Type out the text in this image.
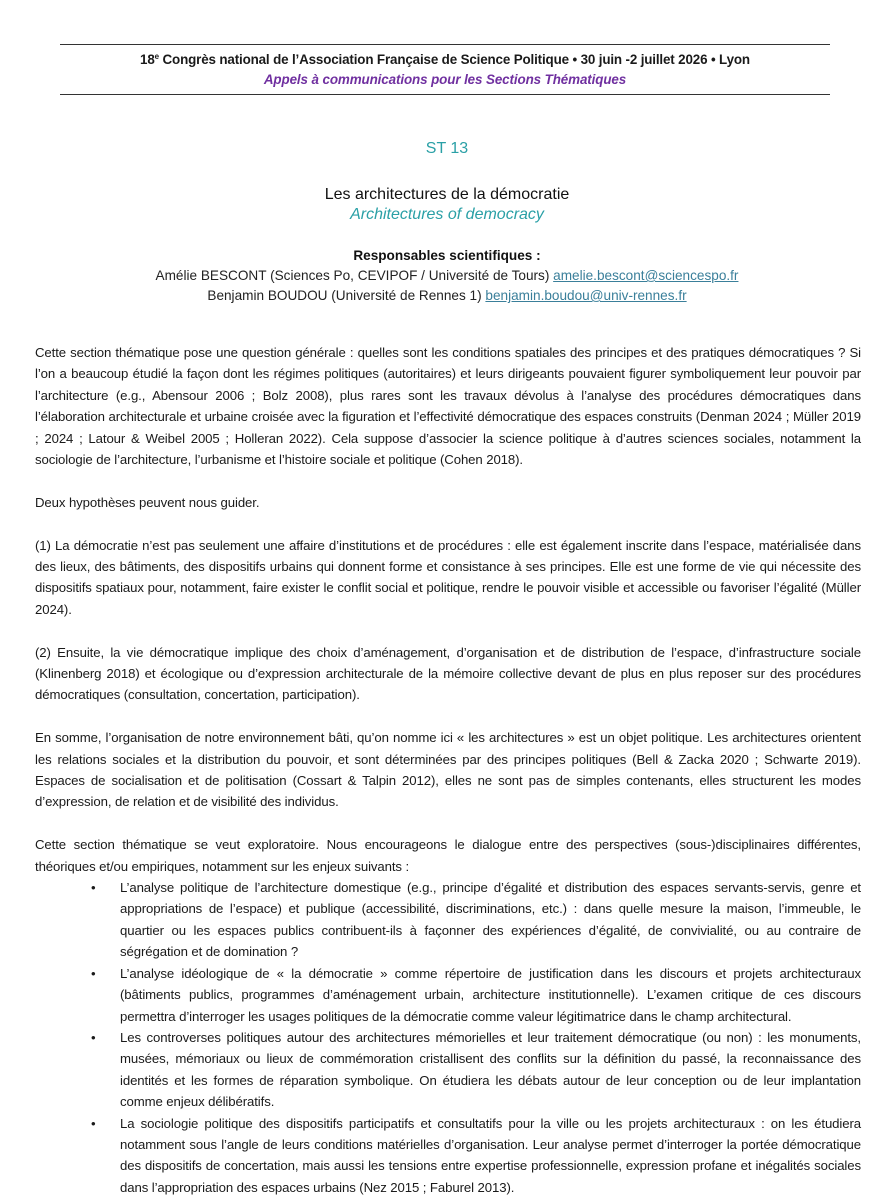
18e Congrès national de l’Association Française de Science Politique • 30 juin -2 juillet 2026 • Lyon
Appels à communications pour les Sections Thématiques
ST 13
Les architectures de la démocratie
Architectures of democracy
Responsables scientifiques :
Amélie BESCONT (Sciences Po, CEVIPOF / Université de Tours) amelie.bescont@sciencespo.fr
Benjamin BOUDOU (Université de Rennes 1) benjamin.boudou@univ-rennes.fr

Cette section thématique pose une question générale : quelles sont les conditions spatiales des principes et des pratiques démocratiques ? Si l’on a beaucoup étudié la façon dont les régimes politiques (autoritaires) et leurs dirigeants pouvaient figurer symboliquement leur pouvoir par l’architecture (e.g., Abensour 2006 ; Bolz 2008), plus rares sont les travaux dévolus à l’analyse des procédures démocratiques dans l’élaboration architecturale et urbaine croisée avec la figuration et l’effectivité démocratique des espaces construits (Denman 2024 ; Müller 2019 ; 2024 ; Latour & Weibel 2005 ; Holleran 2022). Cela suppose d’associer la science politique à d’autres sciences sociales, notamment la sociologie de l’architecture, l’urbanisme et l’histoire sociale et politique (Cohen 2018).

Deux hypothèses peuvent nous guider.

(1) La démocratie n’est pas seulement une affaire d’institutions et de procédures : elle est également inscrite dans l’espace, matérialisée dans des lieux, des bâtiments, des dispositifs urbains qui donnent forme et consistance à ses principes. Elle est une forme de vie qui nécessite des dispositifs spatiaux pour, notamment, faire exister le conflit social et politique, rendre le pouvoir visible et accessible ou favoriser l’égalité (Müller 2024).

(2) Ensuite, la vie démocratique implique des choix d’aménagement, d’organisation et de distribution de l’espace, d’infrastructure sociale (Klinenberg 2018) et écologique ou d’expression architecturale de la mémoire collective devant de plus en plus reposer sur des procédures démocratiques (consultation, concertation, participation).

En somme, l’organisation de notre environnement bâti, qu’on nomme ici « les architectures » est un objet politique. Les architectures orientent les relations sociales et la distribution du pouvoir, et sont déterminées par des principes politiques (Bell & Zacka 2020 ; Schwarte 2019). Espaces de socialisation et de politisation (Cossart & Talpin 2012), elles ne sont pas de simples contenants, elles structurent les modes d’expression, de relation et de visibilité des individus.

Cette section thématique se veut exploratoire. Nous encourageons le dialogue entre des perspectives (sous-)disciplinaires différentes, théoriques et/ou empiriques, notamment sur les enjeux suivants :

• L’analyse politique de l’architecture domestique (e.g., principe d’égalité et distribution des espaces servants-servis, genre et appropriations de l’espace) et publique (accessibilité, discriminations, etc.) : dans quelle mesure la maison, l’immeuble, le quartier ou les espaces publics contribuent-ils à façonner des expériences d’égalité, de convivialité, ou au contraire de ségrégation et de domination ?
• L’analyse idéologique de « la démocratie » comme répertoire de justification dans les discours et projets architecturaux (bâtiments publics, programmes d’aménagement urbain, architecture institutionnelle). L’examen critique de ces discours permettra d’interroger les usages politiques de la démocratie comme valeur légitimatrice dans le champ architectural.
• Les controverses politiques autour des architectures mémorielles et leur traitement démocratique (ou non) : les monuments, musées, mémoriaux ou lieux de commémoration cristallisent des conflits sur la définition du passé, la reconnaissance des identités et les formes de réparation symbolique. On étudiera les débats autour de leur conception ou de leur implantation comme enjeux délibératifs.
• La sociologie politique des dispositifs participatifs et consultatifs pour la ville ou les projets architecturaux : on les étudiera notamment sous l’angle de leurs conditions matérielles d’organisation. Leur analyse permet d’interroger la portée démocratique des dispositifs de concertation, mais aussi les tensions entre expertise professionnelle, expression profane et inégalités sociales dans l’appropriation des espaces urbains (Nez 2015 ; Faburel 2013).
